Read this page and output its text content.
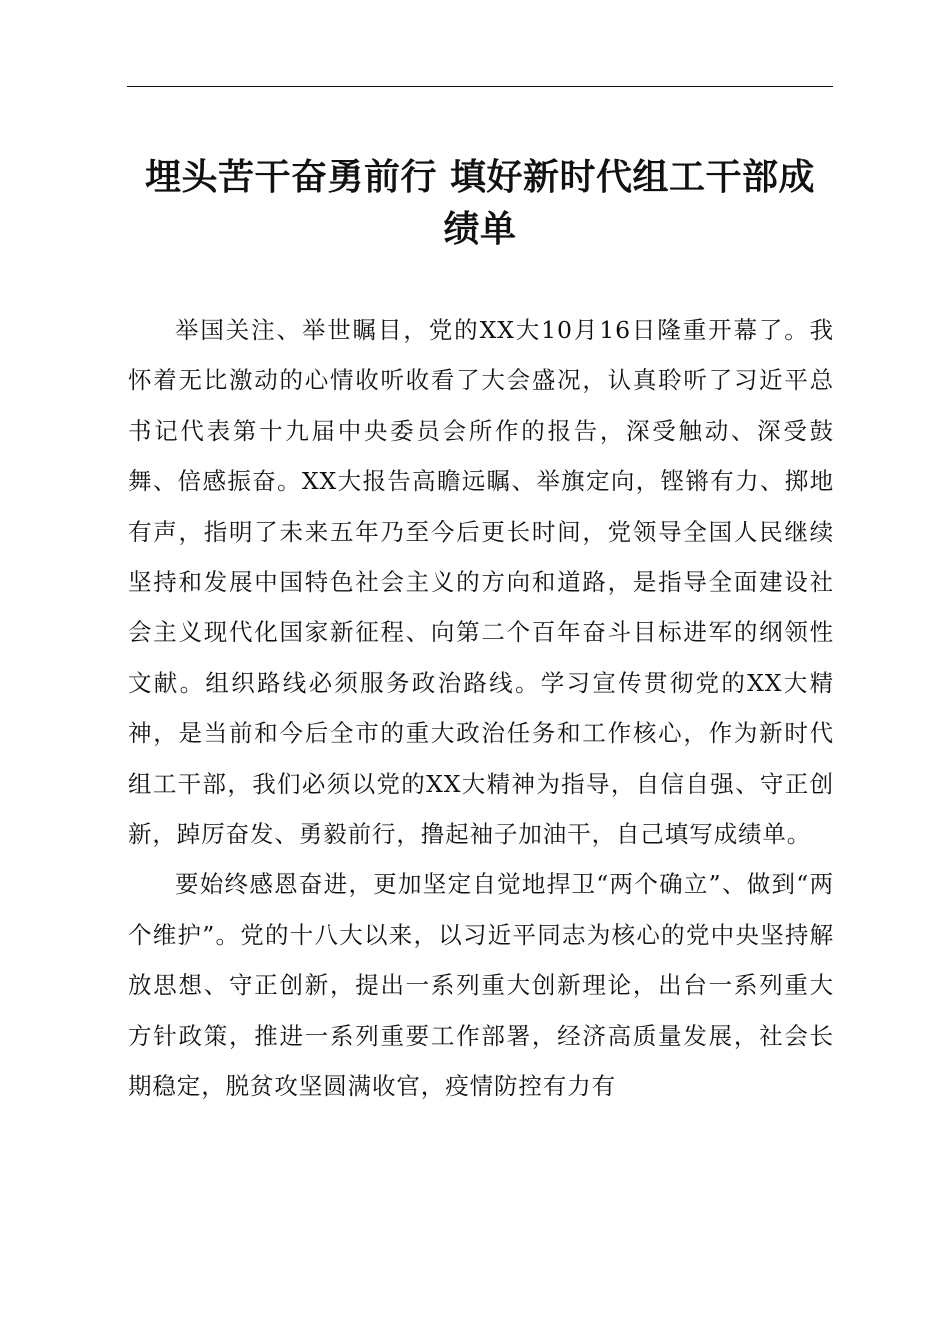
埋头苦干奋勇前行 填好新时代组工干部成绩单

举国关注、举世瞩目，党的XX大10月16日隆重开幕了。我怀着无比激动的心情收听收看了大会盛况，认真聆听了习近平总书记代表第十九届中央委员会所作的报告，深受触动、深受鼓舞、倍感振奋。XX大报告高瞻远瞩、举旗定向，铿锵有力、掷地有声，指明了未来五年乃至今后更长时间，党领导全国人民继续坚持和发展中国特色社会主义的方向和道路，是指导全面建设社会主义现代化国家新征程、向第二个百年奋斗目标进军的纲领性文献。组织路线必须服务政治路线。学习宣传贯彻党的XX大精神，是当前和今后全市的重大政治任务和工作核心，作为新时代组工干部，我们必须以党的XX大精神为指导，自信自强、守正创新，踔厉奋发、勇毅前行，撸起袖子加油干，自己填写成绩单。

要始终感恩奋进，更加坚定自觉地捍卫“两个确立”、做到“两个维护”。党的十八大以来，以习近平同志为核心的党中央坚持解放思想、守正创新，提出一系列重大创新理论，出台一系列重大方针政策，推进一系列重要工作部署，经济高质量发展，社会长期稳定，脱贫攻坚圆满收官，疫情防控有力有
